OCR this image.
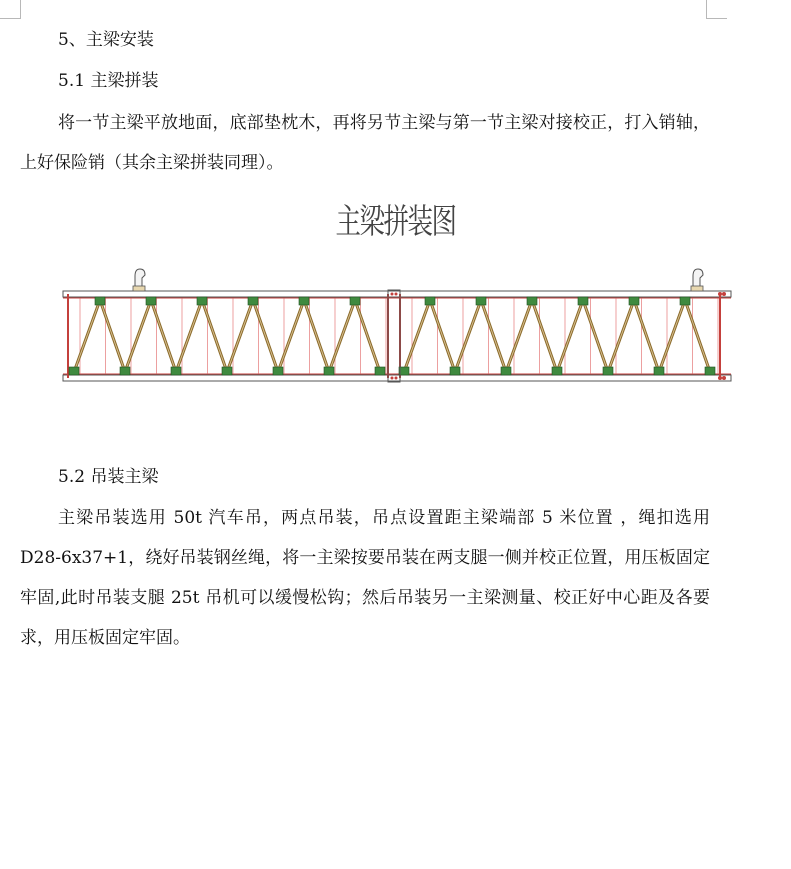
5、主梁安装
5.1 主梁拼装
将一节主梁平放地面，底部垫枕木，再将另节主梁与第一节主梁对接校正，打入销轴，上好保险销（其余主梁拼装同理）。
主梁拼装图
5.2 吊装主梁
主梁吊装选用 50t 汽车吊，两点吊装，吊点设置距主梁端部 5 米位置 ，绳扣选用 D28-6x37+1，绕好吊装钢丝绳，将一主梁按要吊装在两支腿一侧并校正位置，用压板固定牢固,此时吊装支腿 25t 吊机可以缓慢松钩；然后吊装另一主梁测量、校正好中心距及各要求，用压板固定牢固。
